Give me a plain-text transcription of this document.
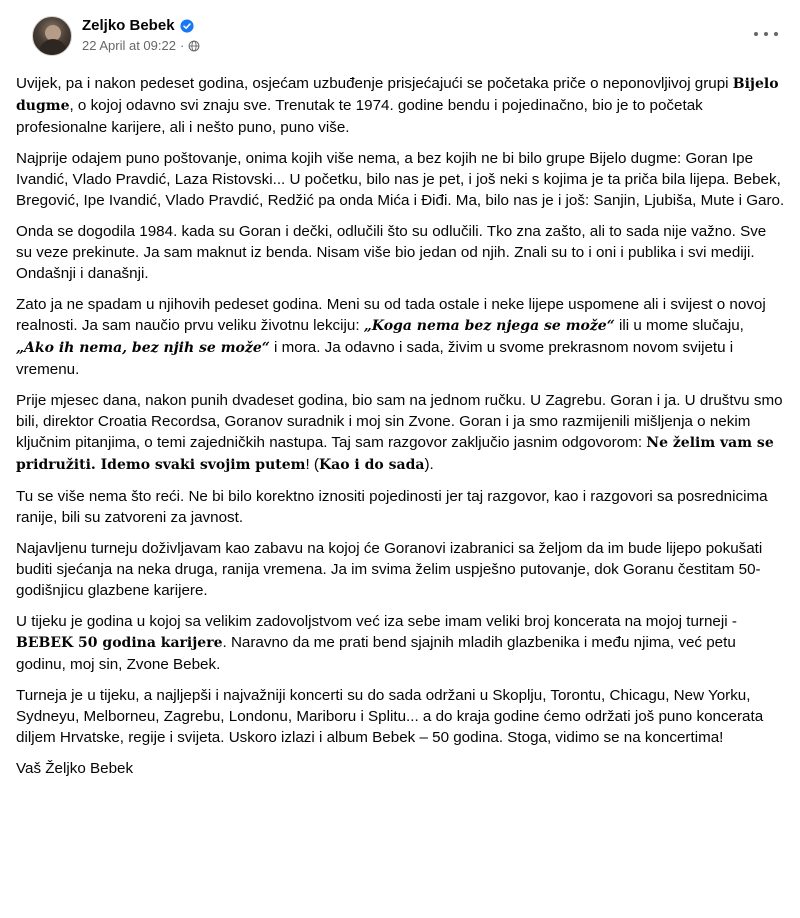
Zeljko Bebek
22 April at 09:22 ·

Uvijek, pa i nakon pedeset godina, osjećam uzbuđenje prisjećajući se početaka priče o neponovljivoj grupi Bijelo dugme, o kojoj odavno svi znaju sve. Trenutak te 1974. godine bendu i pojedinačno, bio je to početak profesionalne karijere, ali i nešto puno, puno više.

Najprije odajem puno poštovanje, onima kojih više nema, a bez kojih ne bi bilo grupe Bijelo dugme: Goran Ipe Ivandić, Vlado Pravdić, Laza Ristovski... U početku, bilo nas je pet, i još neki s kojima je ta priča bila lijepa. Bebek, Bregović, Ipe Ivandić, Vlado Pravdić, Redžić pa onda Mića i Điđi. Ma, bilo nas je i još: Sanjin, Ljubiša, Mute i Garo.

Onda se dogodila 1984. kada su Goran i dečki, odlučili što su odlučili. Tko zna zašto, ali to sada nije važno. Sve su veze prekinute. Ja sam maknut iz benda. Nisam više bio jedan od njih. Znali su to i oni i publika i svi mediji. Ondašnji i današnji.

Zato ja ne spadam u njihovih pedeset godina. Meni su od tada ostale i neke lijepe uspomene ali i svijest o novoj realnosti. Ja sam naučio prvu veliku životnu lekciju: „Koga nema bez njega se može“ ili u mome slučaju, „Ako ih nema, bez njih se može“ i mora. Ja odavno i sada, živim u svome prekrasnom novom svijetu i vremenu.

Prije mjesec dana, nakon punih dvadeset godina, bio sam na jednom ručku. U Zagrebu. Goran i ja. U društvu smo bili, direktor Croatia Recordsa, Goranov suradnik i moj sin Zvone. Goran i ja smo razmijenili mišljenja o nekim ključnim pitanjima, o temi zajedničkih nastupa. Taj sam razgovor zaključio jasnim odgovorom: Ne želim vam se pridružiti. Idemo svaki svojim putem! (Kao i do sada).

Tu se više nema što reći. Ne bi bilo korektno iznositi pojedinosti jer taj razgovor, kao i razgovori sa posrednicima ranije, bili su zatvoreni za javnost.

Najavljenu turneju doživljavam kao zabavu na kojoj će Goranovi izabranici sa željom da im bude lijepo pokušati buditi sjećanja na neka druga, ranija vremena. Ja im svima želim uspješno putovanje, dok Goranu čestitam 50-godišnjicu glazbene karijere.

U tijeku je godina u kojoj sa velikim zadovoljstvom već iza sebe imam veliki broj koncerata na mojoj turneji - BEBEK 50 godina karijere. Naravno da me prati bend sjajnih mladih glazbenika i među njima, već petu godinu, moj sin, Zvone Bebek.

Turneja je u tijeku, a najljepši i najvažniji koncerti su do sada održani u Skoplju, Torontu, Chicagu, New Yorku, Sydneyu, Melborneu, Zagrebu, Londonu, Mariboru i Splitu... a do kraja godine ćemo održati još puno koncerata diljem Hrvatske, regije i svijeta. Uskoro izlazi i album Bebek – 50 godina. Stoga, vidimo se na koncertima!

Vaš Željko Bebek
